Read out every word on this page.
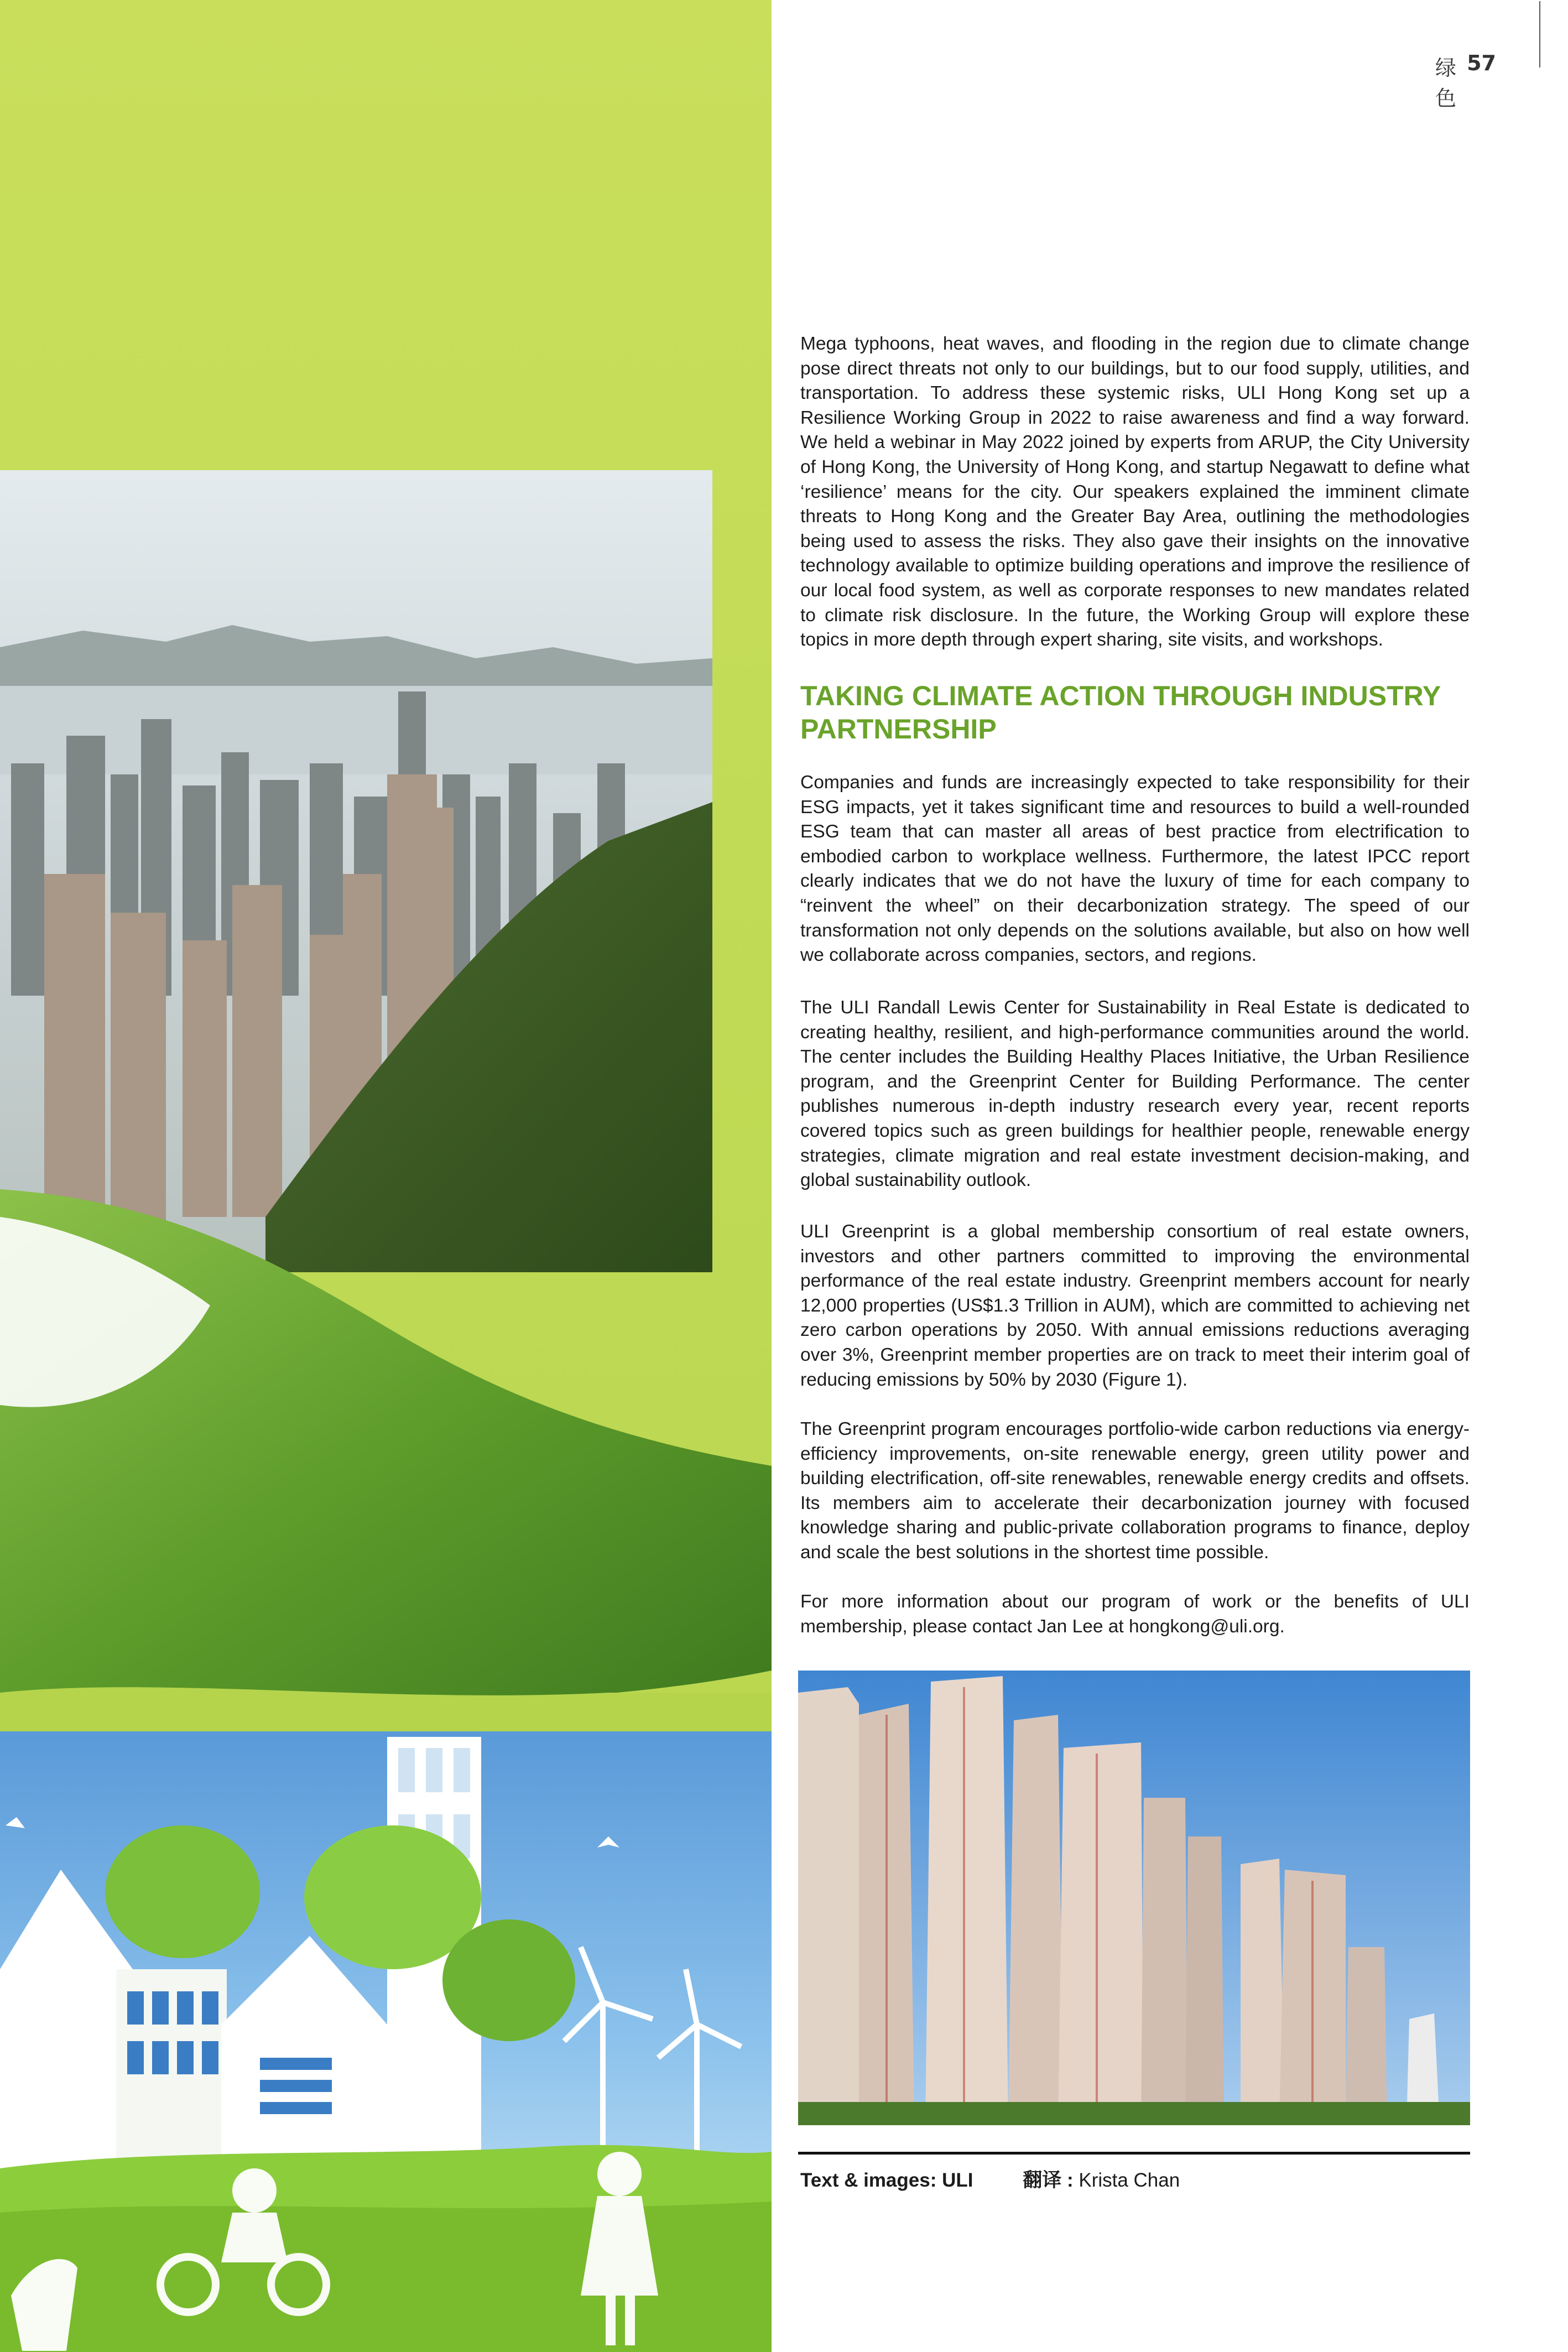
绿色
57

Mega typhoons, heat waves, and flooding in the region due to climate change pose direct threats not only to our buildings, but to our food supply, utilities, and transportation. To address these systemic risks, ULI Hong Kong set up a Resilience Working Group in 2022 to raise awareness and find a way forward. We held a webinar in May 2022 joined by experts from ARUP, the City University of Hong Kong, the University of Hong Kong, and startup Negawatt to define what ‘resilience’ means for the city. Our speakers explained the imminent climate threats to Hong Kong and the Greater Bay Area, outlining the methodologies being used to assess the risks. They also gave their insights on the innovative technology available to optimize building operations and improve the resilience of our local food system, as well as corporate responses to new mandates related to climate risk disclosure. In the future, the Working Group will explore these topics in more depth through expert sharing, site visits, and workshops.

TAKING CLIMATE ACTION THROUGH INDUSTRY PARTNERSHIP

Companies and funds are increasingly expected to take responsibility for their ESG impacts, yet it takes significant time and resources to build a well-rounded ESG team that can master all areas of best practice from electrification to embodied carbon to workplace wellness. Furthermore, the latest IPCC report clearly indicates that we do not have the luxury of time for each company to “reinvent the wheel” on their decarbonization strategy. The speed of our transformation not only depends on the solutions available, but also on how well we collaborate across companies, sectors, and regions.

The ULI Randall Lewis Center for Sustainability in Real Estate is dedicated to creating healthy, resilient, and high-performance communities around the world. The center includes the Building Healthy Places Initiative, the Urban Resilience program, and the Greenprint Center for Building Performance. The center publishes numerous in-depth industry research every year, recent reports covered topics such as green buildings for healthier people, renewable energy strategies, climate migration and real estate investment decision-making, and global sustainability outlook.

ULI Greenprint is a global membership consortium of real estate owners, investors and other partners committed to improving the environmental performance of the real estate industry. Greenprint members account for nearly 12,000 properties (US$1.3 Trillion in AUM), which are committed to achieving net zero carbon operations by 2050. With annual emissions reductions averaging over 3%, Greenprint member properties are on track to meet their interim goal of reducing emissions by 50% by 2030 (Figure 1).

The Greenprint program encourages portfolio-wide carbon reductions via energy-efficiency improvements, on-site renewable energy, green utility power and building electrification, off-site renewables, renewable energy credits and offsets. Its members aim to accelerate their decarbonization journey with focused knowledge sharing and public-private collaboration programs to finance, deploy and scale the best solutions in the shortest time possible.

For more information about our program of work or the benefits of ULI membership, please contact Jan Lee at hongkong@uli.org.

Text & images: ULI	翻译 : Krista Chan
